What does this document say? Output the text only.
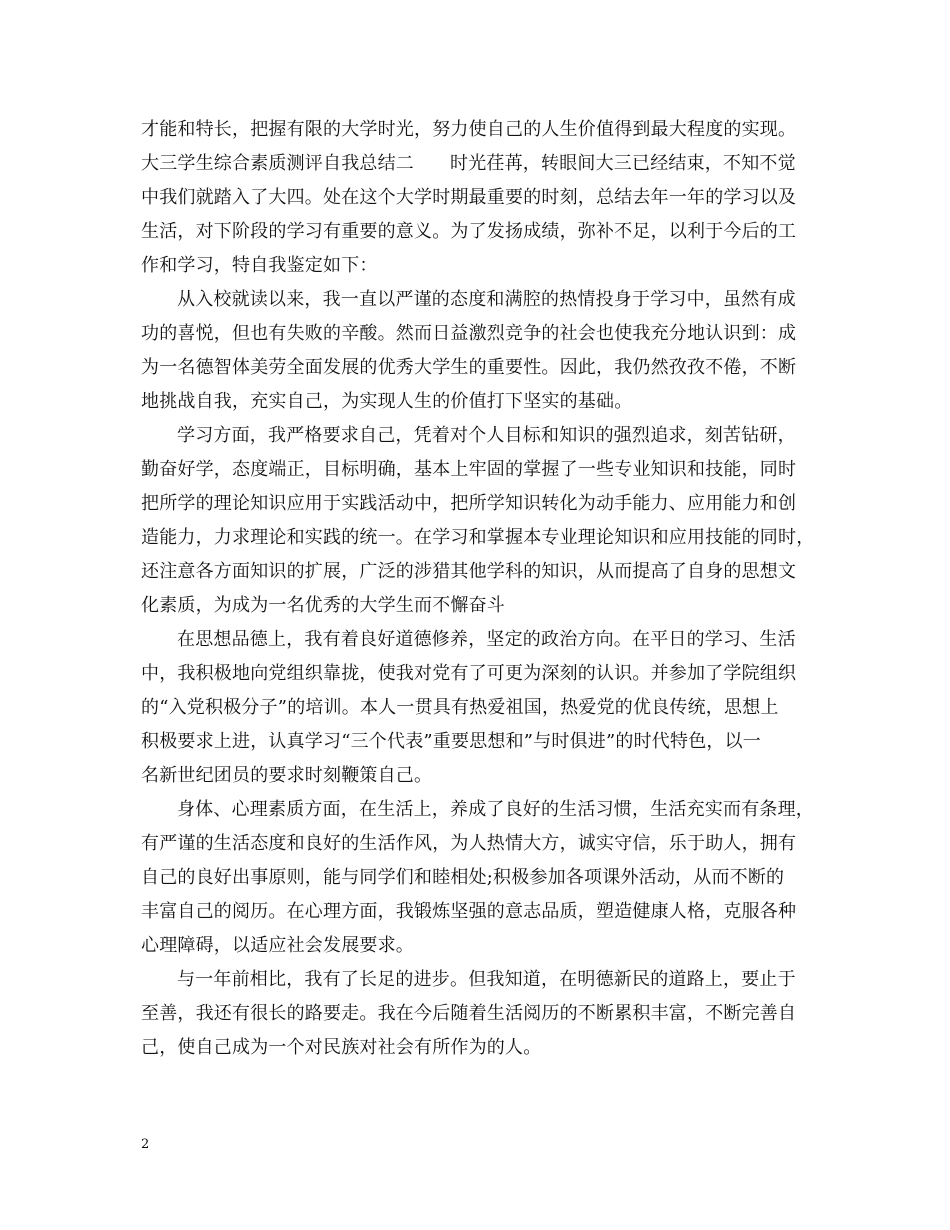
才能和特长，把握有限的大学时光，努力使自己的人生价值得到最大程度的实现。
大三学生综合素质测评自我总结二 时光荏苒，转眼间大三已经结束，不知不觉
中我们就踏入了大四。处在这个大学时期最重要的时刻，总结去年一年的学习以及
生活，对下阶段的学习有重要的意义。为了发扬成绩，弥补不足，以利于今后的工
作和学习，特自我鉴定如下：
从入校就读以来，我一直以严谨的态度和满腔的热情投身于学习中，虽然有成
功的喜悦，但也有失败的辛酸。然而日益激烈竞争的社会也使我充分地认识到：成
为一名德智体美劳全面发展的优秀大学生的重要性。因此，我仍然孜孜不倦，不断
地挑战自我，充实自己，为实现人生的价值打下坚实的基础。
学习方面，我严格要求自己，凭着对个人目标和知识的强烈追求，刻苦钻研，
勤奋好学，态度端正，目标明确，基本上牢固的掌握了一些专业知识和技能，同时
把所学的理论知识应用于实践活动中，把所学知识转化为动手能力、应用能力和创
造能力，力求理论和实践的统一。在学习和掌握本专业理论知识和应用技能的同时，
还注意各方面知识的扩展，广泛的涉猎其他学科的知识，从而提高了自身的思想文
化素质，为成为一名优秀的大学生而不懈奋斗
在思想品德上，我有着良好道德修养，坚定的政治方向。在平日的学习、生活
中，我积极地向党组织靠拢，使我对党有了可更为深刻的认识。并参加了学院组织
的“入党积极分子”的培训。本人一贯具有热爱祖国，热爱党的优良传统，思想上
积极要求上进，认真学习“三个代表”重要思想和”与时俱进”的时代特色，以一
名新世纪团员的要求时刻鞭策自己。
身体、心理素质方面，在生活上，养成了良好的生活习惯，生活充实而有条理，
有严谨的生活态度和良好的生活作风，为人热情大方，诚实守信，乐于助人，拥有
自己的良好出事原则，能与同学们和睦相处;积极参加各项课外活动，从而不断的
丰富自己的阅历。在心理方面，我锻炼坚强的意志品质，塑造健康人格，克服各种
心理障碍，以适应社会发展要求。
与一年前相比，我有了长足的进步。但我知道，在明德新民的道路上，要止于
至善，我还有很长的路要走。我在今后随着生活阅历的不断累积丰富，不断完善自
己，使自己成为一个对民族对社会有所作为的人。
2
